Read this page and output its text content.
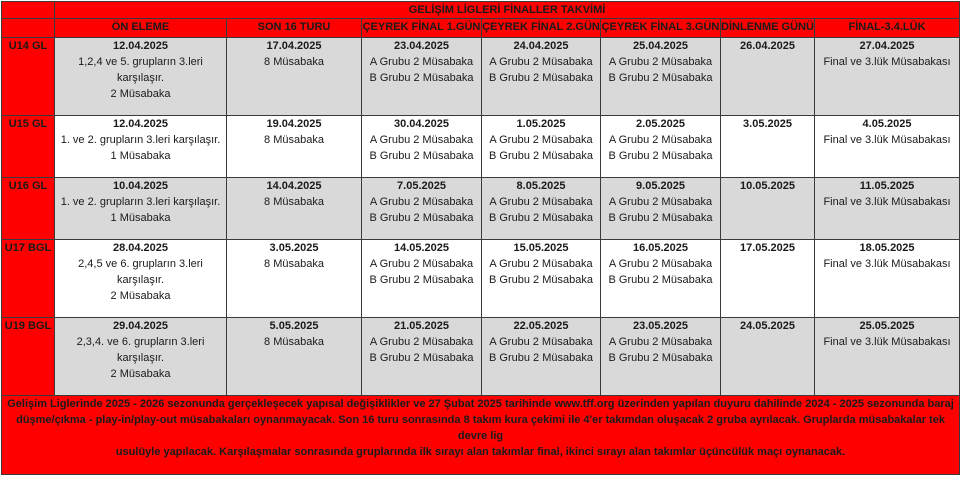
	GELİŞİM LİGLERİ FİNALLER TAKVİMİ						
	ÖN ELEME	SON 16 TURU	ÇEYREK FİNAL 1.GÜN	ÇEYREK FİNAL 2.GÜN	ÇEYREK FİNAL 3.GÜN	DİNLENME GÜNÜ	FİNAL-3.4.LÜK
U14 GL	12.04.2025
1,2,4 ve 5. grupların 3.leri
karşılaşır.
2 Müsabaka	17.04.2025
8 Müsabaka	23.04.2025
A Grubu 2 Müsabaka
B Grubu 2 Müsabaka	24.04.2025
A Grubu 2 Müsabaka
B Grubu 2 Müsabaka	25.04.2025
A Grubu 2 Müsabaka
B Grubu 2 Müsabaka	26.04.2025	27.04.2025
Final ve 3.lük Müsabakası

U15 GL	12.04.2025
1. ve 2. grupların 3.leri karşılaşır.
1 Müsabaka	19.04.2025
8 Müsabaka	30.04.2025
A Grubu 2 Müsabaka
B Grubu 2 Müsabaka	1.05.2025
A Grubu 2 Müsabaka
B Grubu 2 Müsabaka	2.05.2025
A Grubu 2 Müsabaka
B Grubu 2 Müsabaka	3.05.2025	4.05.2025
Final ve 3.lük Müsabakası

U16 GL	10.04.2025
1. ve 2. grupların 3.leri karşılaşır.
1 Müsabaka	14.04.2025
8 Müsabaka	7.05.2025
A Grubu 2 Müsabaka
B Grubu 2 Müsabaka	8.05.2025
A Grubu 2 Müsabaka
B Grubu 2 Müsabaka	9.05.2025
A Grubu 2 Müsabaka
B Grubu 2 Müsabaka	10.05.2025	11.05.2025
Final ve 3.lük Müsabakası

U17 BGL	28.04.2025
2,4,5 ve 6. grupların 3.leri
karşılaşır.
2 Müsabaka	3.05.2025
8 Müsabaka	14.05.2025
A Grubu 2 Müsabaka
B Grubu 2 Müsabaka	15.05.2025
A Grubu 2 Müsabaka
B Grubu 2 Müsabaka	16.05.2025
A Grubu 2 Müsabaka
B Grubu 2 Müsabaka	17.05.2025	18.05.2025
Final ve 3.lük Müsabakası

U19 BGL	29.04.2025
2,3,4. ve 6. grupların 3.leri
karşılaşır.
2 Müsabaka	5.05.2025
8 Müsabaka	21.05.2025
A Grubu 2 Müsabaka
B Grubu 2 Müsabaka	22.05.2025
A Grubu 2 Müsabaka
B Grubu 2 Müsabaka	23.05.2025
A Grubu 2 Müsabaka
B Grubu 2 Müsabaka	24.05.2025	25.05.2025
Final ve 3.lük Müsabakası

Gelişim Liglerinde 2025 - 2026 sezonunda gerçekleşecek yapısal değişiklikler ve 27 Şubat 2025 tarihinde www.tff.org üzerinden yapılan duyuru dahilinde 2024 - 2025 sezonunda baraj
düşme/çıkma - play-in/play-out müsabakaları oynanmayacak. Son 16 turu sonrasında 8 takım kura çekimi ile 4'er takımdan oluşacak 2 gruba ayrılacak. Gruplarda müsabakalar tek devre lig
usulüyle yapılacak. Karşılaşmalar sonrasında gruplarında ilk sırayı alan takımlar final, ikinci sırayı alan takımlar üçüncülük maçı oynanacak.							
